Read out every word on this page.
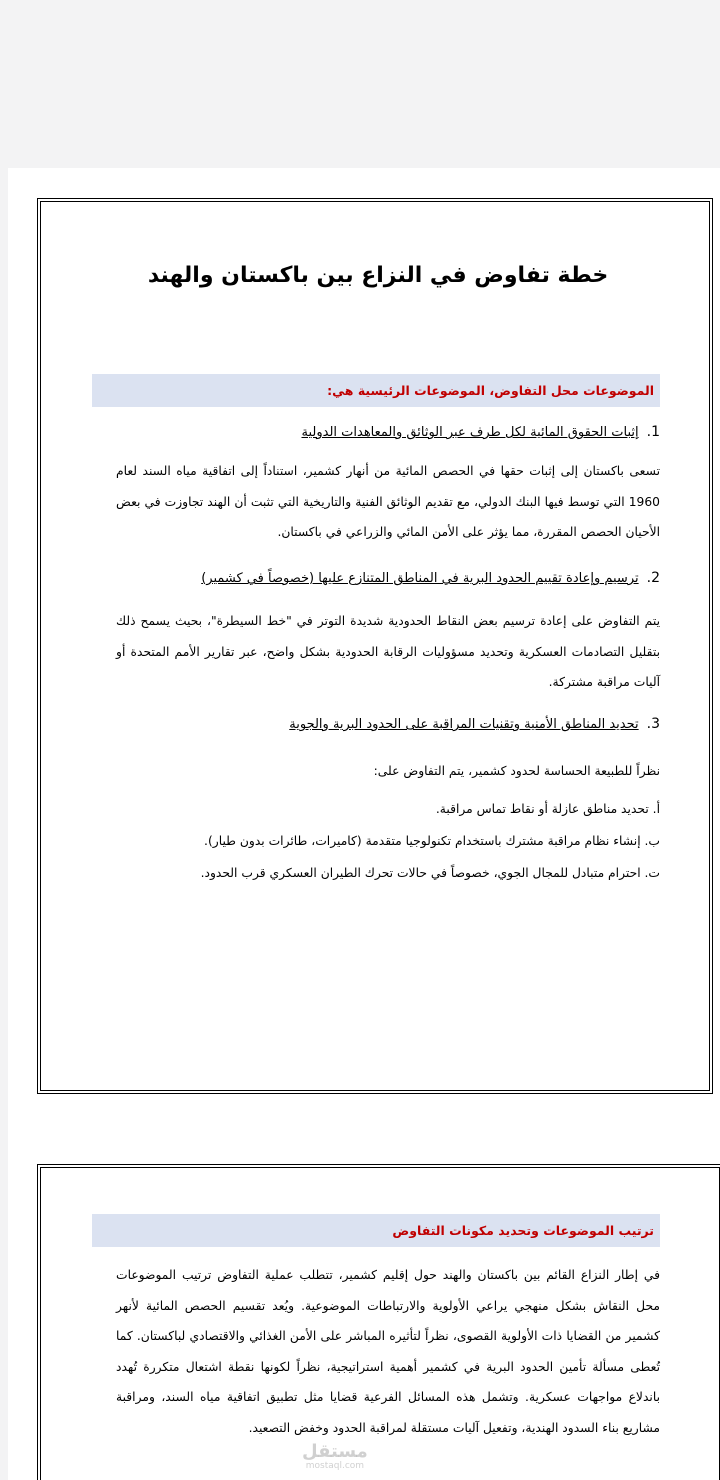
خطة تفاوض في النزاع بين باكستان والهند
الموضوعات محل التفاوض، الموضوعات الرئيسية هي:
1.
إثبات الحقوق المائية لكل طرف عبر الوثائق والمعاهدات الدولية
تسعى باكستان إلى إثبات حقها في الحصص المائية من أنهار كشمير، استناداً إلى اتفاقية مياه السند لعام 1960 التي توسط فيها البنك الدولي، مع تقديم الوثائق الفنية والتاريخية التي تثبت أن الهند تجاوزت في بعض الأحيان الحصص المقررة، مما يؤثر على الأمن المائي والزراعي في باكستان.
2.
ترسيم وإعادة تقييم الحدود البرية في المناطق المتنازع عليها (خصوصاً في كشمير)
يتم التفاوض على إعادة ترسيم بعض النقاط الحدودية شديدة التوتر في "خط السيطرة"، بحيث يسمح ذلك بتقليل التصادمات العسكرية وتحديد مسؤوليات الرقابة الحدودية بشكل واضح، عبر تقارير الأمم المتحدة أو آليات مراقبة مشتركة.
3.
تحديد المناطق الأمنية وتقنيات المراقبة على الحدود البرية والجوية
نظراً للطبيعة الحساسة لحدود كشمير، يتم التفاوض على:
أ. تحديد مناطق عازلة أو نقاط تماس مراقبة.
ب. إنشاء نظام مراقبة مشترك باستخدام تكنولوجيا متقدمة (كاميرات، طائرات بدون طيار).
ت. احترام متبادل للمجال الجوي، خصوصاً في حالات تحرك الطيران العسكري قرب الحدود.
ترتيب الموضوعات وتحديد مكونات التفاوض
في إطار النزاع القائم بين باكستان والهند حول إقليم كشمير، تتطلب عملية التفاوض ترتيب الموضوعات محل النقاش بشكل منهجي يراعي الأولوية والارتباطات الموضوعية. ويُعد تقسيم الحصص المائية لأنهر كشمير من القضايا ذات الأولوية القصوى، نظراً لتأثيره المباشر على الأمن الغذائي والاقتصادي لباكستان. كما تُعطى مسألة تأمين الحدود البرية في كشمير أهمية استراتيجية، نظراً لكونها نقطة اشتعال متكررة تُهدد باندلاع مواجهات عسكرية. وتشمل هذه المسائل الفرعية قضايا مثل تطبيق اتفاقية مياه السند، ومراقبة مشاريع بناء السدود الهندية، وتفعيل آليات مستقلة لمراقبة الحدود وخفض التصعيد.
مستقل
mostaql.com
